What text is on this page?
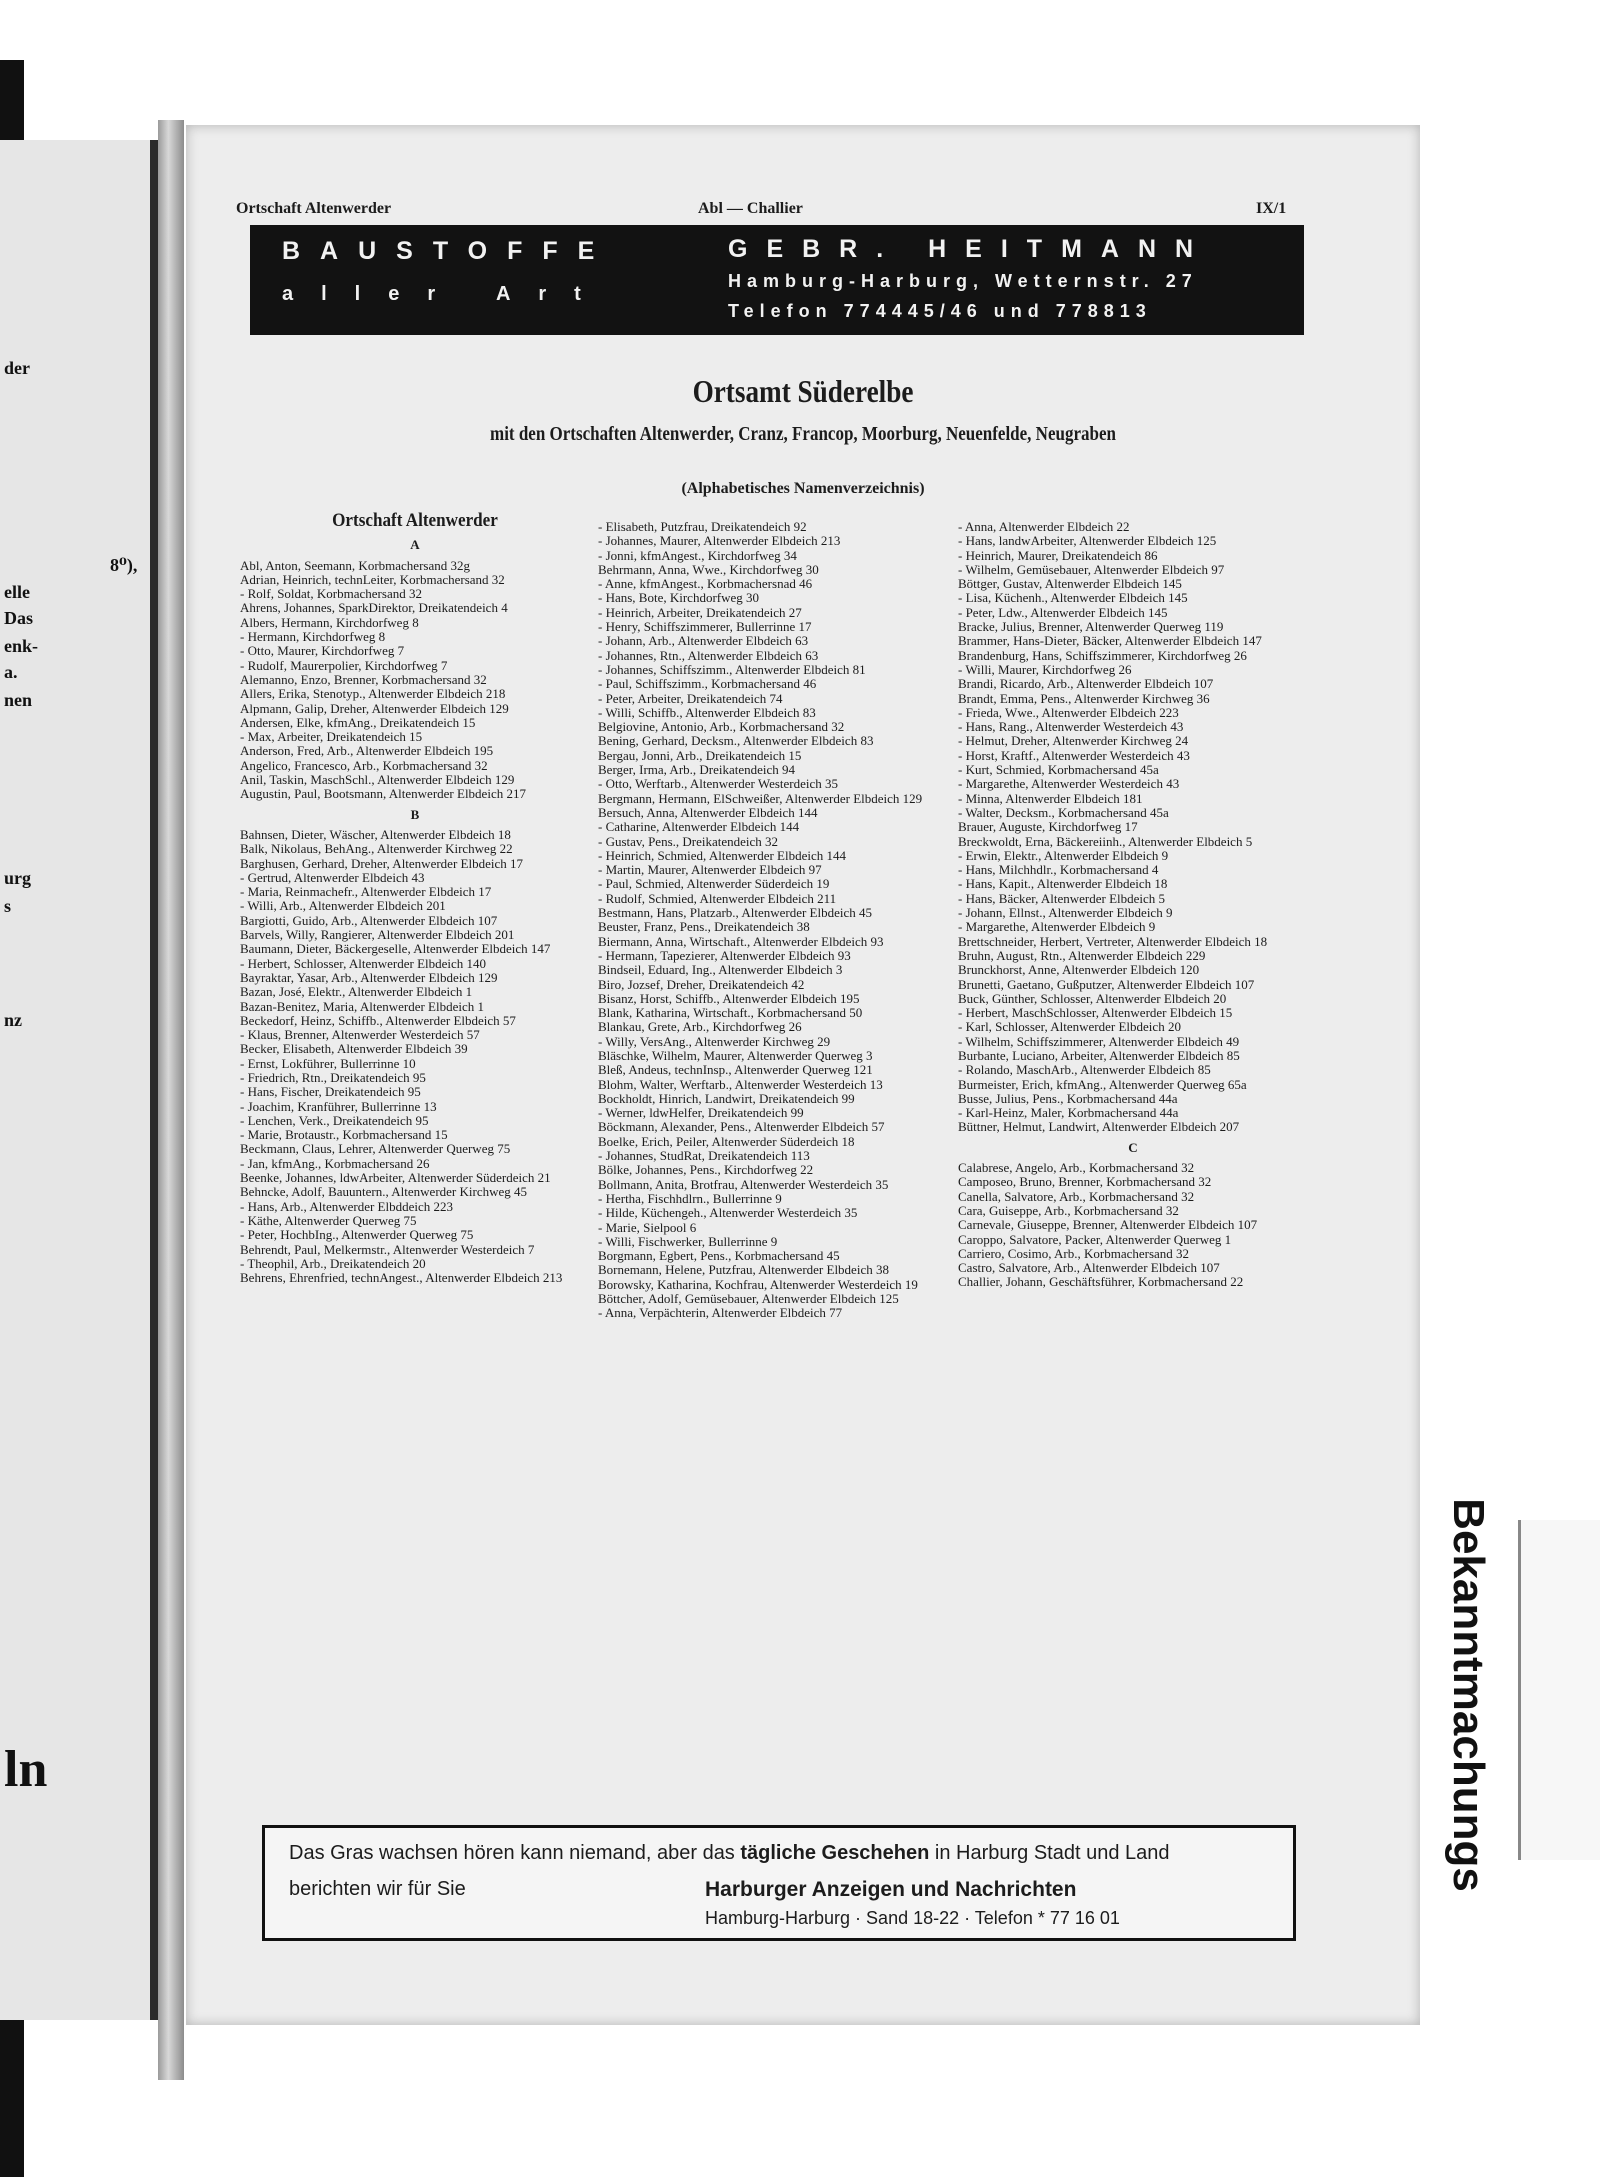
der
8⁰),
elle
Das
enk-
a.
nen
urg
s
nz
ln	Bekanntmachungs
Ortschaft Altenwerder	Abl — Challier	IX/1
BAUSTOFFE
aller Art
GEBR. HEITMANN
Hamburg-Harburg, Wetternstr. 27
Telefon 774445/46 und 778813
Ortsamt Süderelbe
mit den Ortschaften Altenwerder, Cranz, Francop, Moorburg, Neuenfelde, Neugraben
(Alphabetisches Namenverzeichnis)
Ortschaft Altenwerder
A
Abl, Anton, Seemann, Korbmachersand 32g
Adrian, Heinrich, technLeiter, Korbmachersand 32
- Rolf, Soldat, Korbmachersand 32
Ahrens, Johannes, SparkDirektor, Dreikatendeich 4
Albers, Hermann, Kirchdorfweg 8
- Hermann, Kirchdorfweg 8
- Otto, Maurer, Kirchdorfweg 7
- Rudolf, Maurerpolier, Kirchdorfweg 7
Alemanno, Enzo, Brenner, Korbmachersand 32
Allers, Erika, Stenotyp., Altenwerder Elbdeich 218
Alpmann, Galip, Dreher, Altenwerder Elbdeich 129
Andersen, Elke, kfmAng., Dreikatendeich 15
- Max, Arbeiter, Dreikatendeich 15
Anderson, Fred, Arb., Altenwerder Elbdeich 195
Angelico, Francesco, Arb., Korbmachersand 32
Anil, Taskin, MaschSchl., Altenwerder Elbdeich 129
Augustin, Paul, Bootsmann, Altenwerder Elbdeich 217
B
Bahnsen, Dieter, Wäscher, Altenwerder Elbdeich 18
Balk, Nikolaus, BehAng., Altenwerder Kirchweg 22
Barghusen, Gerhard, Dreher, Altenwerder Elbdeich 17
- Gertrud, Altenwerder Elbdeich 43
- Maria, Reinmachefr., Altenwerder Elbdeich 17
- Willi, Arb., Altenwerder Elbdeich 201
Bargiotti, Guido, Arb., Altenwerder Elbdeich 107
Barvels, Willy, Rangierer, Altenwerder Elbdeich 201
Baumann, Dieter, Bäckergeselle, Altenwerder Elbdeich 147
- Herbert, Schlosser, Altenwerder Elbdeich 140
Bayraktar, Yasar, Arb., Altenwerder Elbdeich 129
Bazan, José, Elektr., Altenwerder Elbdeich 1
Bazan-Benitez, Maria, Altenwerder Elbdeich 1
Beckedorf, Heinz, Schiffb., Altenwerder Elbdeich 57
- Klaus, Brenner, Altenwerder Westerdeich 57
Becker, Elisabeth, Altenwerder Elbdeich 39
- Ernst, Lokführer, Bullerrinne 10
- Friedrich, Rtn., Dreikatendeich 95
- Hans, Fischer, Dreikatendeich 95
- Joachim, Kranführer, Bullerrinne 13
- Lenchen, Verk., Dreikatendeich 95
- Marie, Brotaustr., Korbmachersand 15
Beckmann, Claus, Lehrer, Altenwerder Querweg 75
- Jan, kfmAng., Korbmachersand 26
Beenke, Johannes, ldwArbeiter, Altenwerder Süderdeich 21
Behncke, Adolf, Bauuntern., Altenwerder Kirchweg 45
- Hans, Arb., Altenwerder Elbddeich 223
- Käthe, Altenwerder Querweg 75
- Peter, HochbIng., Altenwerder Querweg 75
Behrendt, Paul, Melkermstr., Altenwerder Westerdeich 7
- Theophil, Arb., Dreikatendeich 20
Behrens, Ehrenfried, technAngest., Altenwerder Elbdeich 213
- Elisabeth, Putzfrau, Dreikatendeich 92
- Johannes, Maurer, Altenwerder Elbdeich 213
- Jonni, kfmAngest., Kirchdorfweg 34
Behrmann, Anna, Wwe., Kirchdorfweg 30
- Anne, kfmAngest., Korbmachersnad 46
- Hans, Bote, Kirchdorfweg 30
- Heinrich, Arbeiter, Dreikatendeich 27
- Henry, Schiffszimmerer, Bullerrinne 17
- Johann, Arb., Altenwerder Elbdeich 63
- Johannes, Rtn., Altenwerder Elbdeich 63
- Johannes, Schiffszimm., Altenwerder Elbdeich 81
- Paul, Schiffszimm., Korbmachersand 46
- Peter, Arbeiter, Dreikatendeich 74
- Willi, Schiffb., Altenwerder Elbdeich 83
Belgiovine, Antonio, Arb., Korbmachersand 32
Bening, Gerhard, Decksm., Altenwerder Elbdeich 83
Bergau, Jonni, Arb., Dreikatendeich 15
Berger, Irma, Arb., Dreikatendeich 94
- Otto, Werftarb., Altenwerder Westerdeich 35
Bergmann, Hermann, ElSchweißer, Altenwerder Elbdeich 129
Bersuch, Anna, Altenwerder Elbdeich 144
- Catharine, Altenwerder Elbdeich 144
- Gustav, Pens., Dreikatendeich 32
- Heinrich, Schmied, Altenwerder Elbdeich 144
- Martin, Maurer, Altenwerder Elbdeich 97
- Paul, Schmied, Altenwerder Süderdeich 19
- Rudolf, Schmied, Altenwerder Elbdeich 211
Bestmann, Hans, Platzarb., Altenwerder Elbdeich 45
Beuster, Franz, Pens., Dreikatendeich 38
Biermann, Anna, Wirtschaft., Altenwerder Elbdeich 93
- Hermann, Tapezierer, Altenwerder Elbdeich 93
Bindseil, Eduard, Ing., Altenwerder Elbdeich 3
Biro, Jozsef, Dreher, Dreikatendeich 42
Bisanz, Horst, Schiffb., Altenwerder Elbdeich 195
Blank, Katharina, Wirtschaft., Korbmachersand 50
Blankau, Grete, Arb., Kirchdorfweg 26
- Willy, VersAng., Altenwerder Kirchweg 29
Bläschke, Wilhelm, Maurer, Altenwerder Querweg 3
Bleß, Andeus, technInsp., Altenwerder Querweg 121
Blohm, Walter, Werftarb., Altenwerder Westerdeich 13
Bockholdt, Hinrich, Landwirt, Dreikatendeich 99
- Werner, ldwHelfer, Dreikatendeich 99
Böckmann, Alexander, Pens., Altenwerder Elbdeich 57
Boelke, Erich, Peiler, Altenwerder Süderdeich 18
- Johannes, StudRat, Dreikatendeich 113
Bölke, Johannes, Pens., Kirchdorfweg 22
Bollmann, Anita, Brotfrau, Altenwerder Westerdeich 35
- Hertha, Fischhdlrn., Bullerrinne 9
- Hilde, Küchengeh., Altenwerder Westerdeich 35
- Marie, Sielpool 6
- Willi, Fischwerker, Bullerrinne 9
Borgmann, Egbert, Pens., Korbmachersand 45
Bornemann, Helene, Putzfrau, Altenwerder Elbdeich 38
Borowsky, Katharina, Kochfrau, Altenwerder Westerdeich 19
Böttcher, Adolf, Gemüsebauer, Altenwerder Elbdeich 125
- Anna, Verpächterin, Altenwerder Elbdeich 77
- Anna, Altenwerder Elbdeich 22
- Hans, landwArbeiter, Altenwerder Elbdeich 125
- Heinrich, Maurer, Dreikatendeich 86
- Wilhelm, Gemüsebauer, Altenwerder Elbdeich 97
Böttger, Gustav, Altenwerder Elbdeich 145
- Lisa, Küchenh., Altenwerder Elbdeich 145
- Peter, Ldw., Altenwerder Elbdeich 145
Bracke, Julius, Brenner, Altenwerder Querweg 119
Brammer, Hans-Dieter, Bäcker, Altenwerder Elbdeich 147
Brandenburg, Hans, Schiffszimmerer, Kirchdorfweg 26
- Willi, Maurer, Kirchdorfweg 26
Brandi, Ricardo, Arb., Altenwerder Elbdeich 107
Brandt, Emma, Pens., Altenwerder Kirchweg 36
- Frieda, Wwe., Altenwerder Elbdeich 223
- Hans, Rang., Altenwerder Westerdeich 43
- Helmut, Dreher, Altenwerder Kirchweg 24
- Horst, Kraftf., Altenwerder Westerdeich 43
- Kurt, Schmied, Korbmachersand 45a
- Margarethe, Altenwerder Westerdeich 43
- Minna, Altenwerder Elbdeich 181
- Walter, Decksm., Korbmachersand 45a
Brauer, Auguste, Kirchdorfweg 17
Breckwoldt, Erna, Bäckereiinh., Altenwerder Elbdeich 5
- Erwin, Elektr., Altenwerder Elbdeich 9
- Hans, Milchhdlr., Korbmachersand 4
- Hans, Kapit., Altenwerder Elbdeich 18
- Hans, Bäcker, Altenwerder Elbdeich 5
- Johann, Ellnst., Altenwerder Elbdeich 9
- Margarethe, Altenwerder Elbdeich 9
Brettschneider, Herbert, Vertreter, Altenwerder Elbdeich 18
Bruhn, August, Rtn., Altenwerder Elbdeich 229
Brunckhorst, Anne, Altenwerder Elbdeich 120
Brunetti, Gaetano, Gußputzer, Altenwerder Elbdeich 107
Buck, Günther, Schlosser, Altenwerder Elbdeich 20
- Herbert, MaschSchlosser, Altenwerder Elbdeich 15
- Karl, Schlosser, Altenwerder Elbdeich 20
- Wilhelm, Schiffszimmerer, Altenwerder Elbdeich 49
Burbante, Luciano, Arbeiter, Altenwerder Elbdeich 85
- Rolando, MaschArb., Altenwerder Elbdeich 85
Burmeister, Erich, kfmAng., Altenwerder Querweg 65a
Busse, Julius, Pens., Korbmachersand 44a
- Karl-Heinz, Maler, Korbmachersand 44a
Büttner, Helmut, Landwirt, Altenwerder Elbdeich 207
C
Calabrese, Angelo, Arb., Korbmachersand 32
Camposeo, Bruno, Brenner, Korbmachersand 32
Canella, Salvatore, Arb., Korbmachersand 32
Cara, Guiseppe, Arb., Korbmachersand 32
Carnevale, Giuseppe, Brenner, Altenwerder Elbdeich 107
Caroppo, Salvatore, Packer, Altenwerder Querweg 1
Carriero, Cosimo, Arb., Korbmachersand 32
Castro, Salvatore, Arb., Altenwerder Elbdeich 107
Challier, Johann, Geschäftsführer, Korbmachersand 22
Das Gras wachsen hören kann niemand, aber das tägliche Geschehen in Harburg Stadt und Land
berichten wir für Sie	Harburger Anzeigen und Nachrichten
Hamburg-Harburg · Sand 18-22 · Telefon * 77 16 01
